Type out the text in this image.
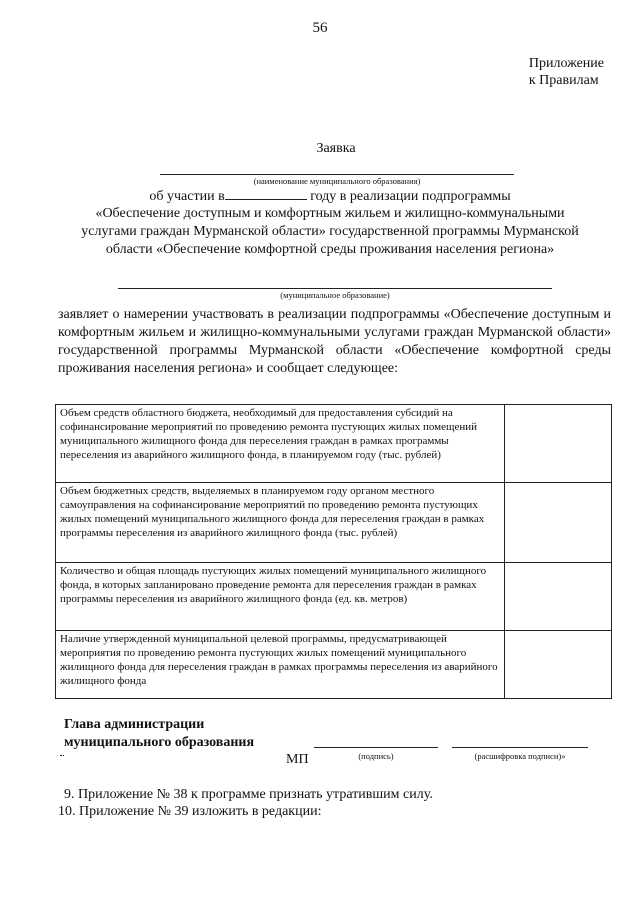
56
Приложение
к Правилам
Заявка
(наименование муниципального образования)
об участии в	году в реализации подпрограммы
«Обеспечение доступным и комфортным жильем и жилищно-коммунальными
услугами граждан Мурманской области» государственной программы Мурманской
области «Обеспечение комфортной среды проживания населения региона»
(муниципальное образование)
заявляет о намерении участвовать в реализации подпрограммы «Обеспечение доступным и комфортным жильем и жилищно-коммунальными услугами граждан Мурманской области» государственной программы Мурманской области «Обеспечение комфортной среды проживания населения региона» и сообщает следующее:
Объем средств областного бюджета, необходимый для предоставления субсидий на софинансирование мероприятий по проведению ремонта пустующих жилых помещений муниципального жилищного фонда для переселения граждан в рамках программы переселения из аварийного жилищного фонда, в планируемом году (тыс. рублей)	
Объем бюджетных средств, выделяемых в планируемом году органом местного самоуправления на софинансирование мероприятий по проведению ремонта пустующих жилых помещений муниципального жилищного фонда для переселения граждан в рамках программы переселения из аварийного жилищного фонда (тыс. рублей)	
Количество и общая площадь пустующих жилых помещений муниципального жилищного фонда, в которых запланировано проведение ремонта для переселения граждан в рамках программы переселения из аварийного жилищного фонда (ед. кв. метров)	
Наличие утвержденной муниципальной целевой программы, предусматривающей мероприятия по проведению ремонта пустующих жилых помещений муниципального жилищного фонда для переселения граждан в рамках программы переселения из аварийного жилищного фонда	
Глава администрации
муниципального образования
МП	(подпись)	(расшифровка подписи)»
9. Приложение № 38 к программе признать утратившим силу.
10. Приложение № 39 изложить в редакции:
